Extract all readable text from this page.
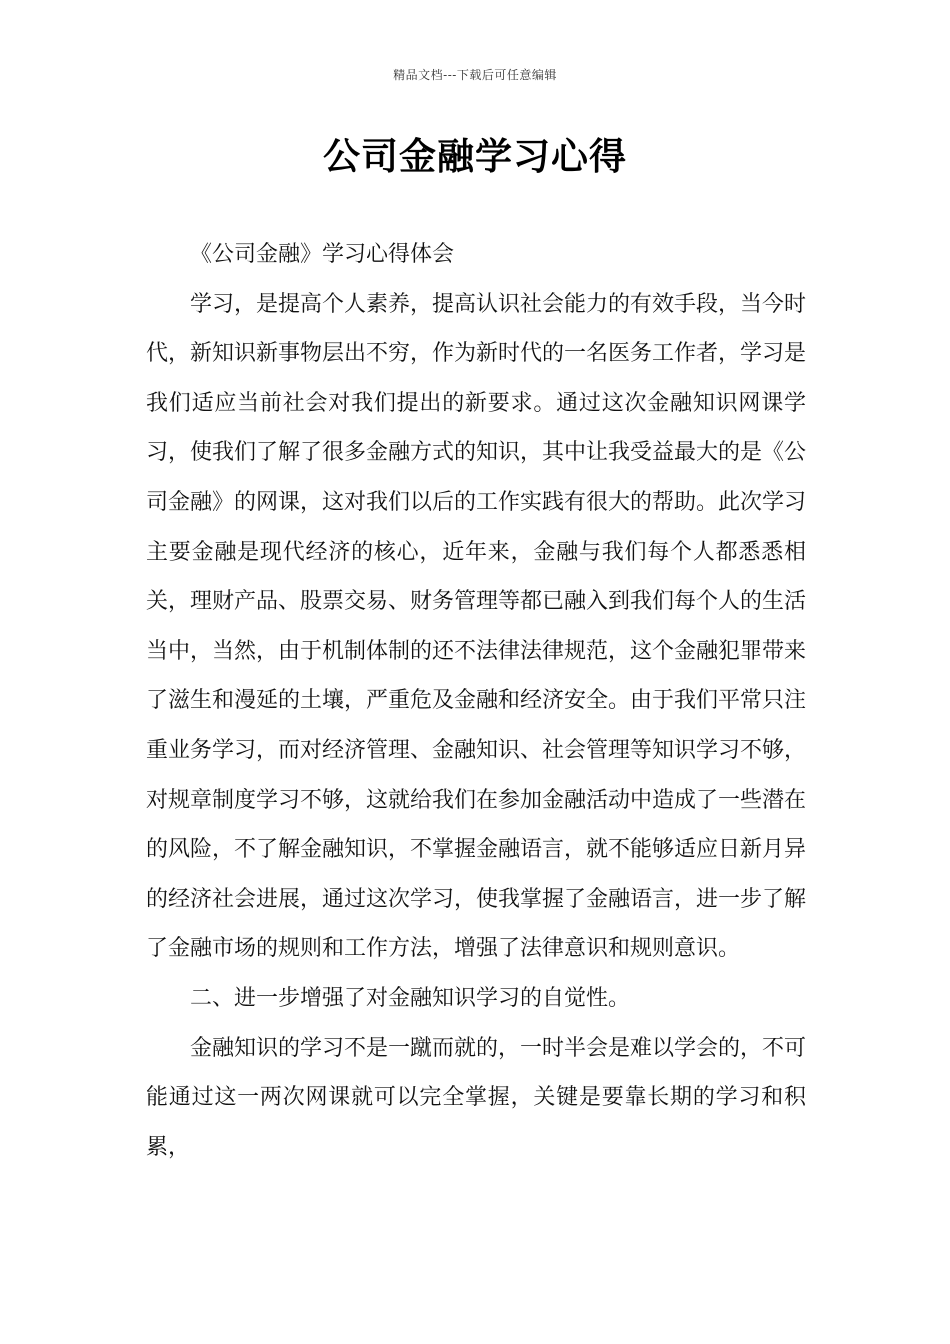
精品文档---下载后可任意编辑
公司金融学习心得

《公司金融》学习心得体会

学习，是提高个人素养，提高认识社会能力的有效手段，当今时代，新知识新事物层出不穷，作为新时代的一名医务工作者，学习是我们适应当前社会对我们提出的新要求。通过这次金融知识网课学习，使我们了解了很多金融方式的知识，其中让我受益最大的是《公司金融》的网课，这对我们以后的工作实践有很大的帮助。此次学习主要金融是现代经济的核心，近年来，金融与我们每个人都悉悉相关，理财产品、股票交易、财务管理等都已融入到我们每个人的生活当中，当然，由于机制体制的还不法律法律规范，这个金融犯罪带来了滋生和漫延的土壤，严重危及金融和经济安全。由于我们平常只注重业务学习，而对经济管理、金融知识、社会管理等知识学习不够，对规章制度学习不够，这就给我们在参加金融活动中造成了一些潜在的风险，不了解金融知识，不掌握金融语言，就不能够适应日新月异的经济社会进展，通过这次学习，使我掌握了金融语言，进一步了解了金融市场的规则和工作方法，增强了法律意识和规则意识。

二、进一步增强了对金融知识学习的自觉性。

金融知识的学习不是一蹴而就的，一时半会是难以学会的，不可能通过这一两次网课就可以完全掌握，关键是要靠长期的学习和积累，
